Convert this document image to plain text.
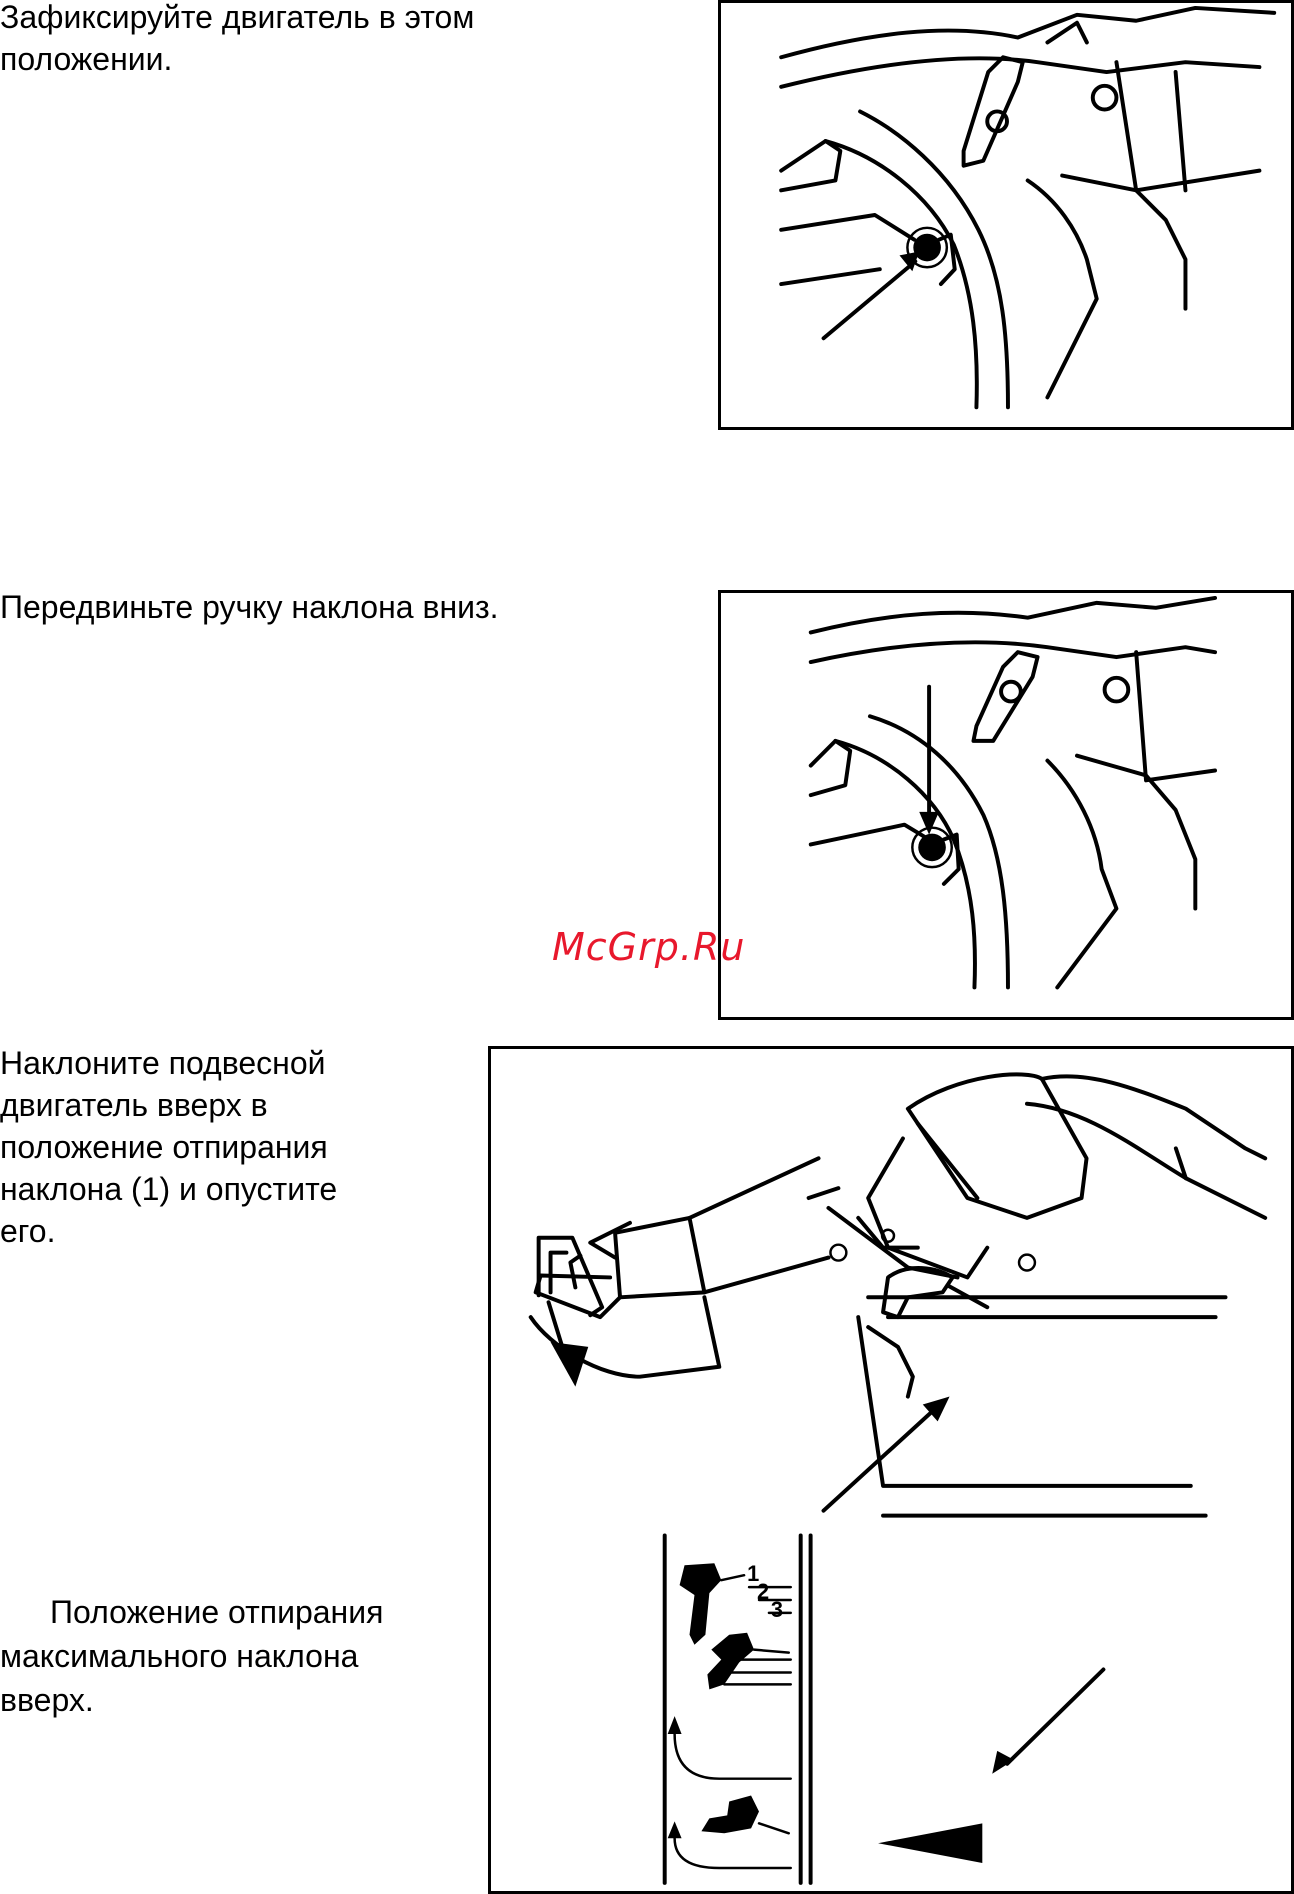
Зафиксируйте двигатель в этом положении.

Передвиньте ручку наклона вниз.

McGrp.Ru

Наклоните подвесной двигатель вверх в положение отпирания наклона (1) и опустите его.

Положение отпирания максимального наклона вверх.

1
2
3
